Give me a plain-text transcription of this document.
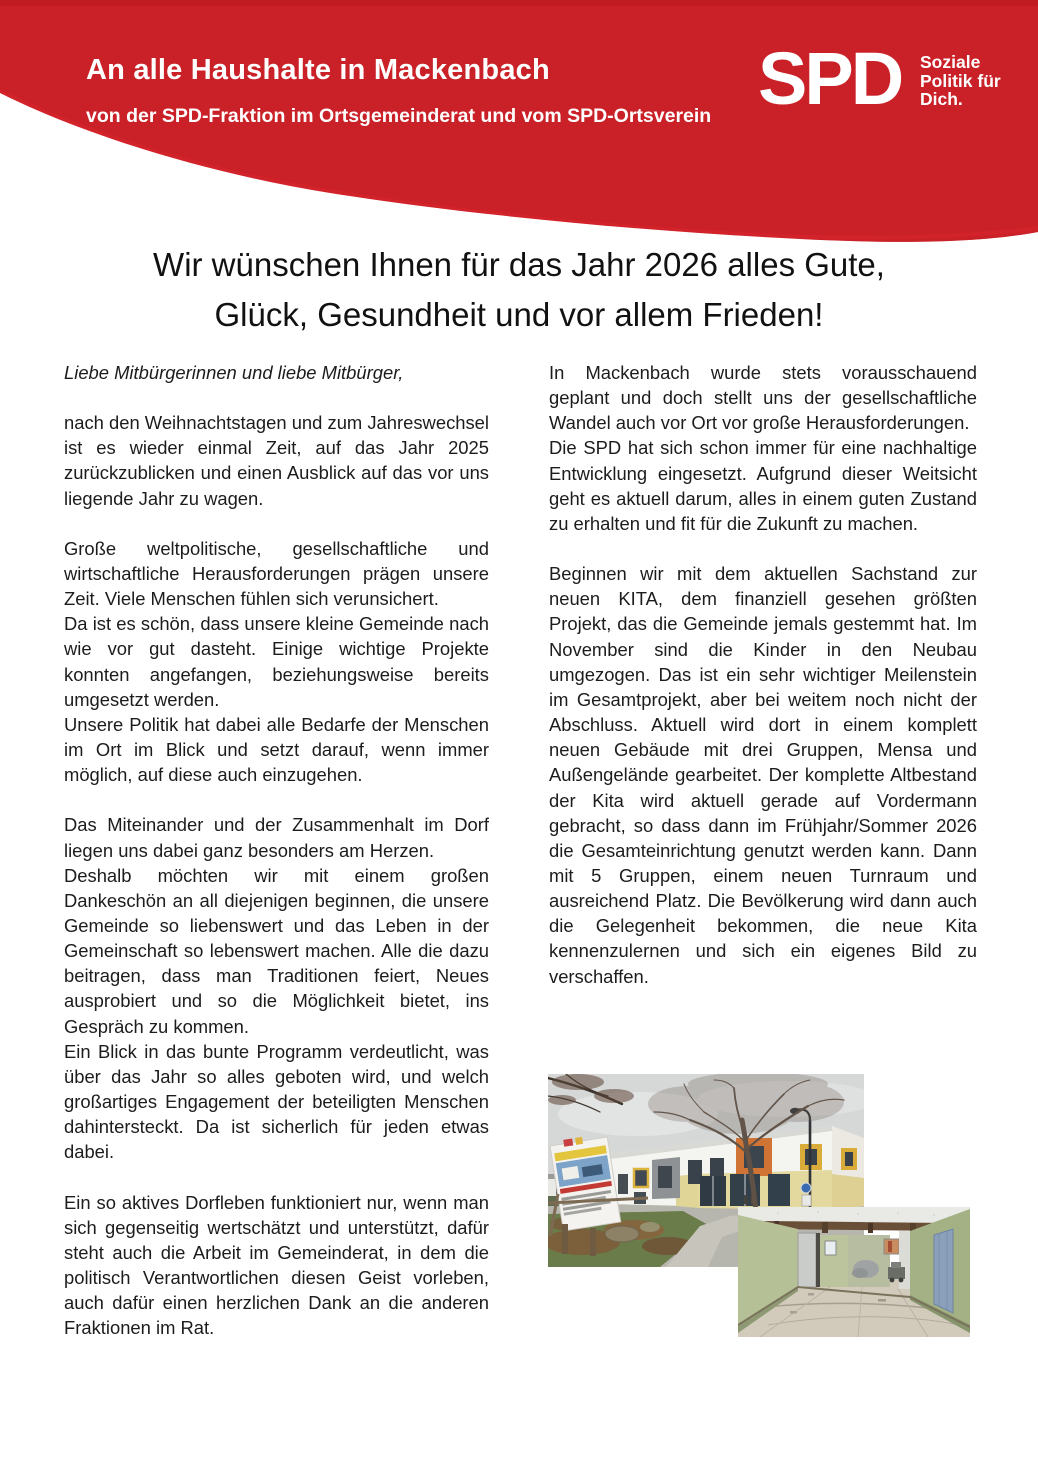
An alle Haushalte in Mackenbach
von der SPD-Fraktion im Ortsgemeinderat und vom SPD-Ortsverein SPD Soziale
Politik für
Dich.
Wir wünschen Ihnen für das Jahr 2026 alles Gute,
Glück, Gesundheit und vor allem Frieden!

Liebe Mitbürgerinnen und liebe Mitbürger,

nach den Weihnachtstagen und zum Jahreswechsel ist es wieder einmal Zeit, auf das Jahr 2025 zurückzublicken und einen Ausblick auf das vor uns liegende Jahr zu wagen.

Große weltpolitische, gesellschaftliche und wirtschaftliche Herausforderungen prägen unsere Zeit. Viele Menschen fühlen sich verunsichert.

Da ist es schön, dass unsere kleine Gemeinde nach wie vor gut dasteht. Einige wichtige Projekte konnten angefangen, beziehungsweise bereits umgesetzt werden.

Unsere Politik hat dabei alle Bedarfe der Menschen im Ort im Blick und setzt darauf, wenn immer möglich, auf diese auch einzugehen.

Das Miteinander und der Zusammenhalt im Dorf liegen uns dabei ganz besonders am Herzen.

Deshalb möchten wir mit einem großen Dankeschön an all diejenigen beginnen, die unsere Gemeinde so liebenswert und das Leben in der Gemeinschaft so lebenswert machen. Alle die dazu beitragen, dass man Traditionen feiert, Neues ausprobiert und so die Möglichkeit bietet, ins Gespräch zu kommen.

Ein Blick in das bunte Programm verdeutlicht, was über das Jahr so alles geboten wird, und welch großartiges Engagement der beteiligten Menschen dahintersteckt. Da ist sicherlich für jeden etwas dabei.

Ein so aktives Dorfleben funktioniert nur, wenn man sich gegenseitig wertschätzt und unterstützt, dafür steht auch die Arbeit im Gemeinderat, in dem die politisch Verantwortlichen diesen Geist vorleben, auch dafür einen herzlichen Dank an die anderen Fraktionen im Rat.

In Mackenbach wurde stets vorausschauend geplant und doch stellt uns der gesellschaftliche Wandel auch vor Ort vor große Herausforderungen.

Die SPD hat sich schon immer für eine nachhaltige Entwicklung eingesetzt. Aufgrund dieser Weitsicht geht es aktuell darum, alles in einem guten Zustand zu erhalten und fit für die Zukunft zu machen.

Beginnen wir mit dem aktuellen Sachstand zur neuen KITA, dem finanziell gesehen größten Projekt, das die Gemeinde jemals gestemmt hat. Im November sind die Kinder in den Neubau umgezogen. Das ist ein sehr wichtiger Meilenstein im Gesamtprojekt, aber bei weitem noch nicht der Abschluss. Aktuell wird dort in einem komplett neuen Gebäude mit drei Gruppen, Mensa und Außengelände gearbeitet. Der komplette Altbestand der Kita wird aktuell gerade auf Vordermann gebracht, so dass dann im Frühjahr/Sommer 2026 die Gesamteinrichtung genutzt werden kann. Dann mit 5 Gruppen, einem neuen Turnraum und ausreichend Platz. Die Bevölkerung wird dann auch die Gelegenheit bekommen, die neue Kita kennenzulernen und sich ein eigenes Bild zu verschaffen.
